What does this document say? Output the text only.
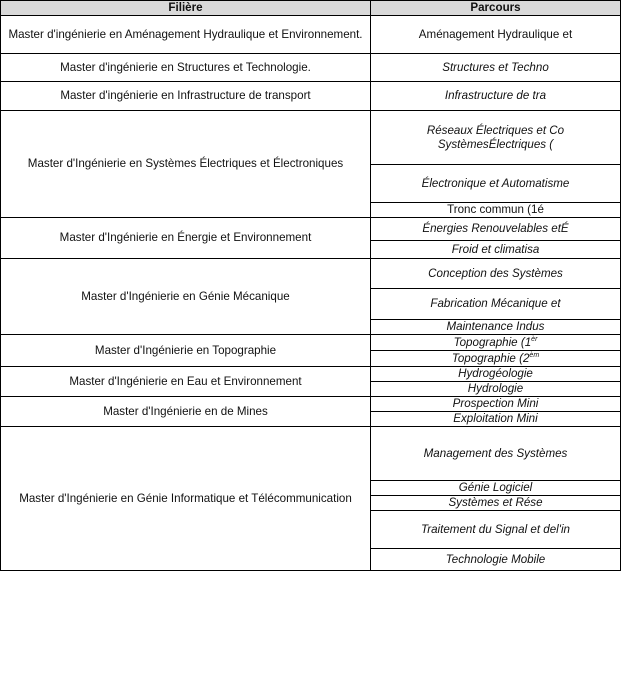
Filière	Parcours
Master d'ingénierie en Aménagement Hydraulique et Environnement.	Aménagement Hydraulique et
Master d'ingénierie en Structures et Technologie.	Structures et Techno
Master d'ingénierie en Infrastructure de transport	Infrastructure de tra
Master d'Ingénierie en Systèmes Électriques et Électroniques	Réseaux Électriques et Co
SystèmesÉlectriques (
	Électronique et Automatisme
	Tronc commun (1é
Master d'Ingénierie en Énergie et Environnement	Énergies Renouvelables etÉ
	Froid et climatisa
Master d'Ingénierie en Génie Mécanique	Conception des Systèmes
	Fabrication Mécanique et
	Maintenance Indus
Master d'Ingénierie en Topographie	Topographie ($1^{èr}$
	Topographie ($2^{èm}$
Master d'Ingénierie en Eau et Environnement	Hydrogéologie
	Hydrologie
Master d'Ingénierie en de Mines	Prospection Mini
	Exploitation Mini
Master d'Ingénierie en Génie Informatique et Télécommunication	Management des Systèmes
	Génie Logiciel
	Systèmes et Rése
	Traitement du Signal et del'in
	Technologie Mobile
